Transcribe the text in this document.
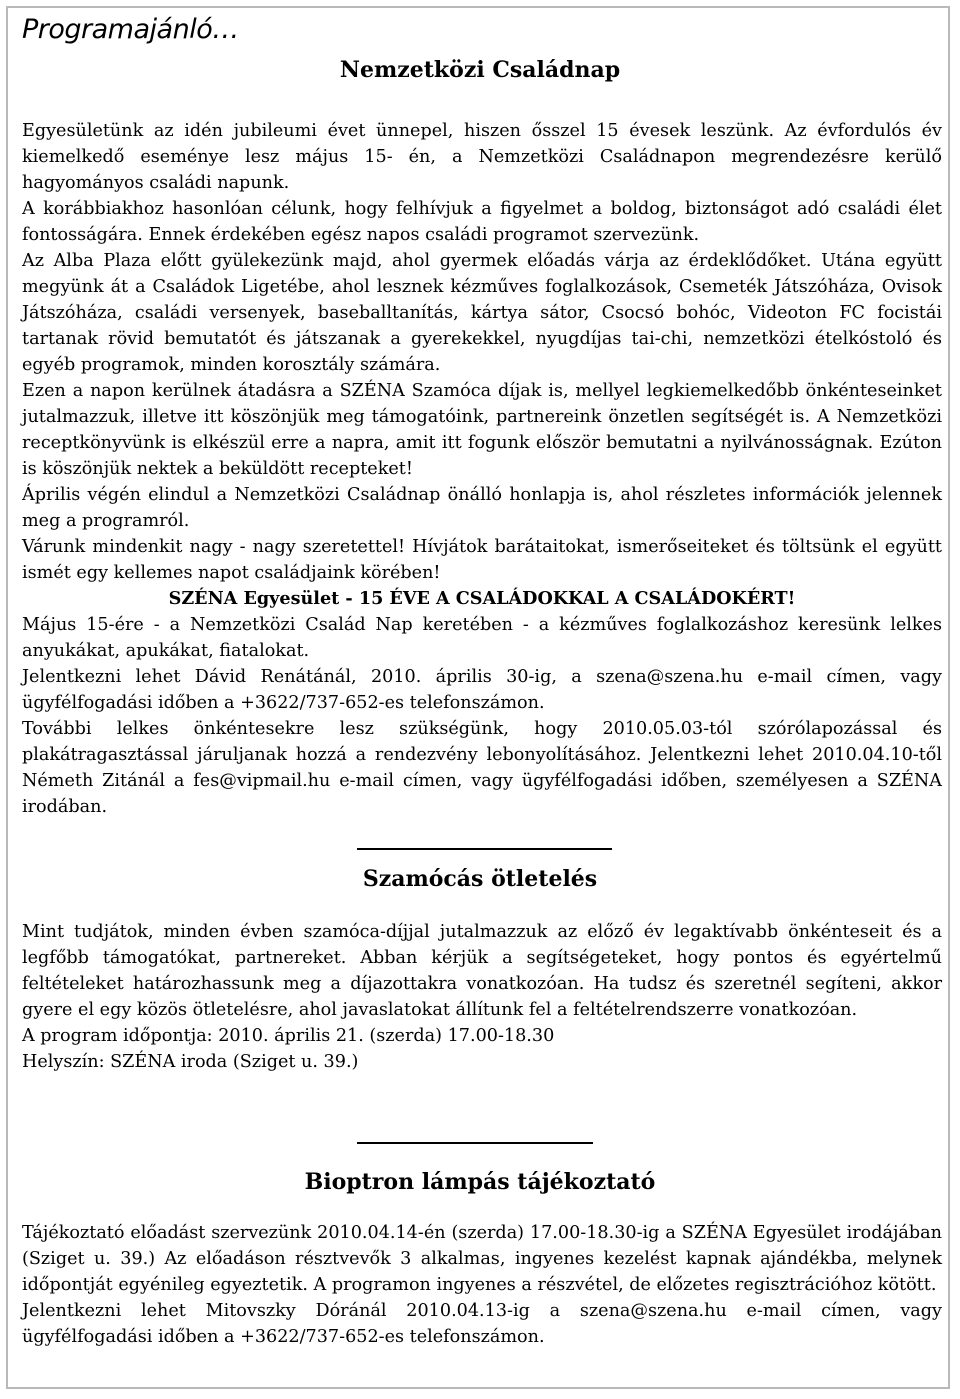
Programajánló…
Nemzetközi Családnap

Egyesületünk az idén jubileumi évet ünnepel, hiszen ősszel 15 évesek leszünk. Az évfordulós év kiemelkedő eseménye lesz május 15- én, a Nemzetközi Családnapon megrendezésre kerülő hagyományos családi napunk.

A korábbiakhoz hasonlóan célunk, hogy felhívjuk a figyelmet a boldog, biztonságot adó családi élet fontosságára. Ennek érdekében egész napos családi programot szervezünk.

Az Alba Plaza előtt gyülekezünk majd, ahol gyermek előadás várja az érdeklődőket. Utána együtt megyünk át a Családok Ligetébe, ahol lesznek kézműves foglalkozások, Csemeték Játszóháza, Ovisok Játszóháza, családi versenyek, baseballtanítás, kártya sátor, Csocsó bohóc, Videoton FC focistái tartanak rövid bemutatót és játszanak a gyerekekkel, nyugdíjas tai-chi, nemzetközi ételkóstoló és egyéb programok, minden korosztály számára.

Ezen a napon kerülnek átadásra a SZÉNA Szamóca díjak is, mellyel legkiemelkedőbb önkénteseinket jutalmazzuk, illetve itt köszönjük meg támogatóink, partnereink önzetlen segítségét is. A Nemzetközi receptkönyvünk is elkészül erre a napra, amit itt fogunk először bemutatni a nyilvánosságnak. Ezúton is köszönjük nektek a beküldött recepteket!

Április végén elindul a Nemzetközi Családnap önálló honlapja is, ahol részletes információk jelennek meg a programról.

Várunk mindenkit nagy - nagy szeretettel! Hívjátok barátaitokat, ismerőseiteket és töltsünk el együtt ismét egy kellemes napot családjaink körében!

SZÉNA Egyesület - 15 ÉVE A CSALÁDOKKAL A CSALÁDOKÉRT!

Május 15-ére - a Nemzetközi Család Nap keretében - a kézműves foglalkozáshoz keresünk lelkes anyukákat, apukákat, fiatalokat.

Jelentkezni lehet Dávid Renátánál, 2010. április 30-ig, a szena@szena.hu e-mail címen, vagy ügyfélfogadási időben a +3622/737-652-es telefonszámon.

További lelkes önkéntesekre lesz szükségünk, hogy 2010.05.03-tól szórólapozással és plakátragasztással járuljanak hozzá a rendezvény lebonyolításához. Jelentkezni lehet 2010.04.10-től Németh Zitánál a fes@vipmail.hu e-mail címen, vagy ügyfélfogadási időben, személyesen a SZÉNA irodában.

Szamócás ötletelés

Mint tudjátok, minden évben szamóca-díjjal jutalmazzuk az előző év legaktívabb önkénteseit és a legfőbb támogatókat, partnereket. Abban kérjük a segítségeteket, hogy pontos és egyértelmű feltételeket határozhassunk meg a díjazottakra vonatkozóan. Ha tudsz és szeretnél segíteni, akkor gyere el egy közös ötletelésre, ahol javaslatokat állítunk fel a feltételrendszerre vonatkozóan.

A program időpontja: 2010. április 21. (szerda) 17.00-18.30

Helyszín: SZÉNA iroda (Sziget u. 39.)

Bioptron lámpás tájékoztató

Tájékoztató előadást szervezünk 2010.04.14-én (szerda) 17.00-18.30-ig a SZÉNA Egyesület irodájában (Sziget u. 39.) Az előadáson résztvevők 3 alkalmas, ingyenes kezelést kapnak ajándékba, melynek időpontját egyénileg egyeztetik. A programon ingyenes a részvétel, de előzetes regisztrációhoz kötött.

Jelentkezni lehet Mitovszky Dóránál 2010.04.13-ig a szena@szena.hu e-mail címen, vagy ügyfélfogadási időben a +3622/737-652-es telefonszámon.
